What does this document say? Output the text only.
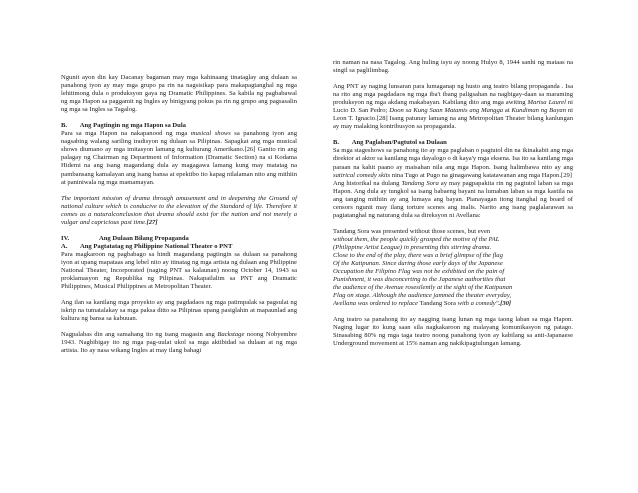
Ngunit ayon din kay Dacanay bagaman may mga kahinaang tinataglay ang dulaan sa panahong iyon ay may mga grupo pa rin na nagsisikap para makapagtanghal ng mga lehitimong dula o produksyon gaya ng Dramatic Philippines. Sa kabila ng pagbabawal ng mga Hapon sa paggamit ng Ingles ay binigyang pokus pa rin ng grupo ang pagsasalin ng mga sa Ingles sa Tagalog.

B. Ang Pagtingin ng mga Hapon sa Dula

Para sa mga Hapon na nakapanood ng mga musical shows sa panahong iyon ang nagsabing walang sariling tradisyon ng dulaan sa Pilipinas. Sapagkat ang mga musical shows diumano ay mga imitasyon lamang ng kulturang Amerikano.[26] Ganito rin ang palagay ng Chairman ng Department of Information (Dramatic Section) na si Kodama Hidemi na ang isang magandang dula ay magagawa lamang kung may matatag na pambansang kamalayan ang isang bansa at epektibo ito kapag nilalaman nito ang mithiin at paniniwala ng mga mamamayan.

The important mission of drama through amusement and in deepening the Ground of national culture which is conducive to the elevation of the Standard of life. Therefore it comes as a naturalconclusion that drama should exist for the nation and not merely a vulgar and capricious past time.[27]

IV.	Ang Dulaan Bilang Propaganda
A.	Ang Pagtatatag ng Philippine National Theater o PNT

Para magkaroon ng pagbabago sa hindi magandang pagtingin sa dulaan sa panahong iyon at upang mapataas ang lebel nito ay itinatag ng mga artista ng dulaan ang Philippine National Theater, Incorporated (naging PNT sa kalaunan) noong October 14, 1943 sa proklamasyon ng Republika ng Pilipinas. Nakapailalim sa PNT ang Dramatic Philippines, Musical Philippines at Metropolitan Theater.

Ang ilan sa kanilang mga proyekto ay ang pagdadaos ng mga patimpalak sa pagsulat ng iskrip na tumatalakay sa mga paksa ditto sa Pilipinas upang pasiglahin at mapaunlad ang kultura ng bansa sa kabuuan.

Nagpalabas din ang samahang ito ng isang magasin ang Backstage noong Nobyembre 1943. Nagbibigay ito ng mga pag-uulat ukol sa mga aktibidad sa dulaan at ng mga artista. Ito ay nasa wikang Ingles at may ilang bahagi

rin naman na nasa Tagalog. Ang huling isyu ay noong Hulyo 8, 1944 sanhi ng mataas na singil sa paglilimbag.

Ang PNT ay naging lunsaran para lumaganap ng husto ang teatro bilang propaganda . Isa na rito ang mga pagdadaos ng mga iba't ibang paligsahan na nagbigay-daan sa maraming produksyon ng mga akdang makabayan. Kabilang dito ang mga awiting Martsa Laurel ni Lucio D. San Pedro; Doon sa Kung Saan Matamis ang Mangga at Kundiman ng Bayan ni Leon T. Ignacio.[28] Isang patunay lamang na ang Metropolitan Theater bilang kanlungan ay may malaking kontribusyon sa propaganda.

B. Ang Paglaban/Pagtutol sa Dulaan

Sa mga stageshows sa panahong ito ay mga paglaban o pagtutol din na ikinakabit ang mga direktor at aktor sa kanilang mga dayalogo o di kaya'y mga eksena. Isa ito sa kanilang mga paraan na kahit paano ay maisahan nila ang mga Hapon. Isang halimbawa nito ay ang satirical comedy skits nina Tugo at Pugo na ginagawang katatawanan ang mga Hapon.[29]

Ang historikal na dulang Tandang Sora ay may pagpapakita rin ng pagtutol laban sa mga Hapon. Ang dula ay tungkol sa isang babaeng bayani na lumaban laban sa mga kastila na ang tanging mithiin ay ang lumaya ang bayan. Pianayagan itong itanghal ng board of censors ngunit may ilang torture scenes ang inalis. Narito ang isang paglalarawan sa pagtatanghal ng naturang dula sa direksyon ni Avellana:

Tandang Sora was presented without those scenes, but even
without them, the people quickly grasped the motive of the PAL
(Philippine Artist League) in presenting this stirring drama.
Close to the end of the play, there was a brief glimpse of the flag
Of the Katipunan. Since during those early days of the Japanese
Occupation the Filipino Flag was not be exhibited on the pain of
Punishment, it was disconcerting to the Japanese authorities that
the audience of the Avenue rosesilently at the sight of the Katipunan
Flag on stage. Although the audience jammed the theater everyday,
Avellana was ordered to replace Tandang Sora with a comedy".[30]

Ang teatro sa panahong ito ay nagging isang lunan ng mga taong laban sa mga Hapon. Naging lugar ito kung saan sila nagkakaroon ng malayang komunikasyon ng patago. Sinasabing 80% ng mga taga teatro noong panahong iyon ay kabilang sa anti-Japanaese Underground movement at 15% naman ang nakikipagtulungan lamang.
